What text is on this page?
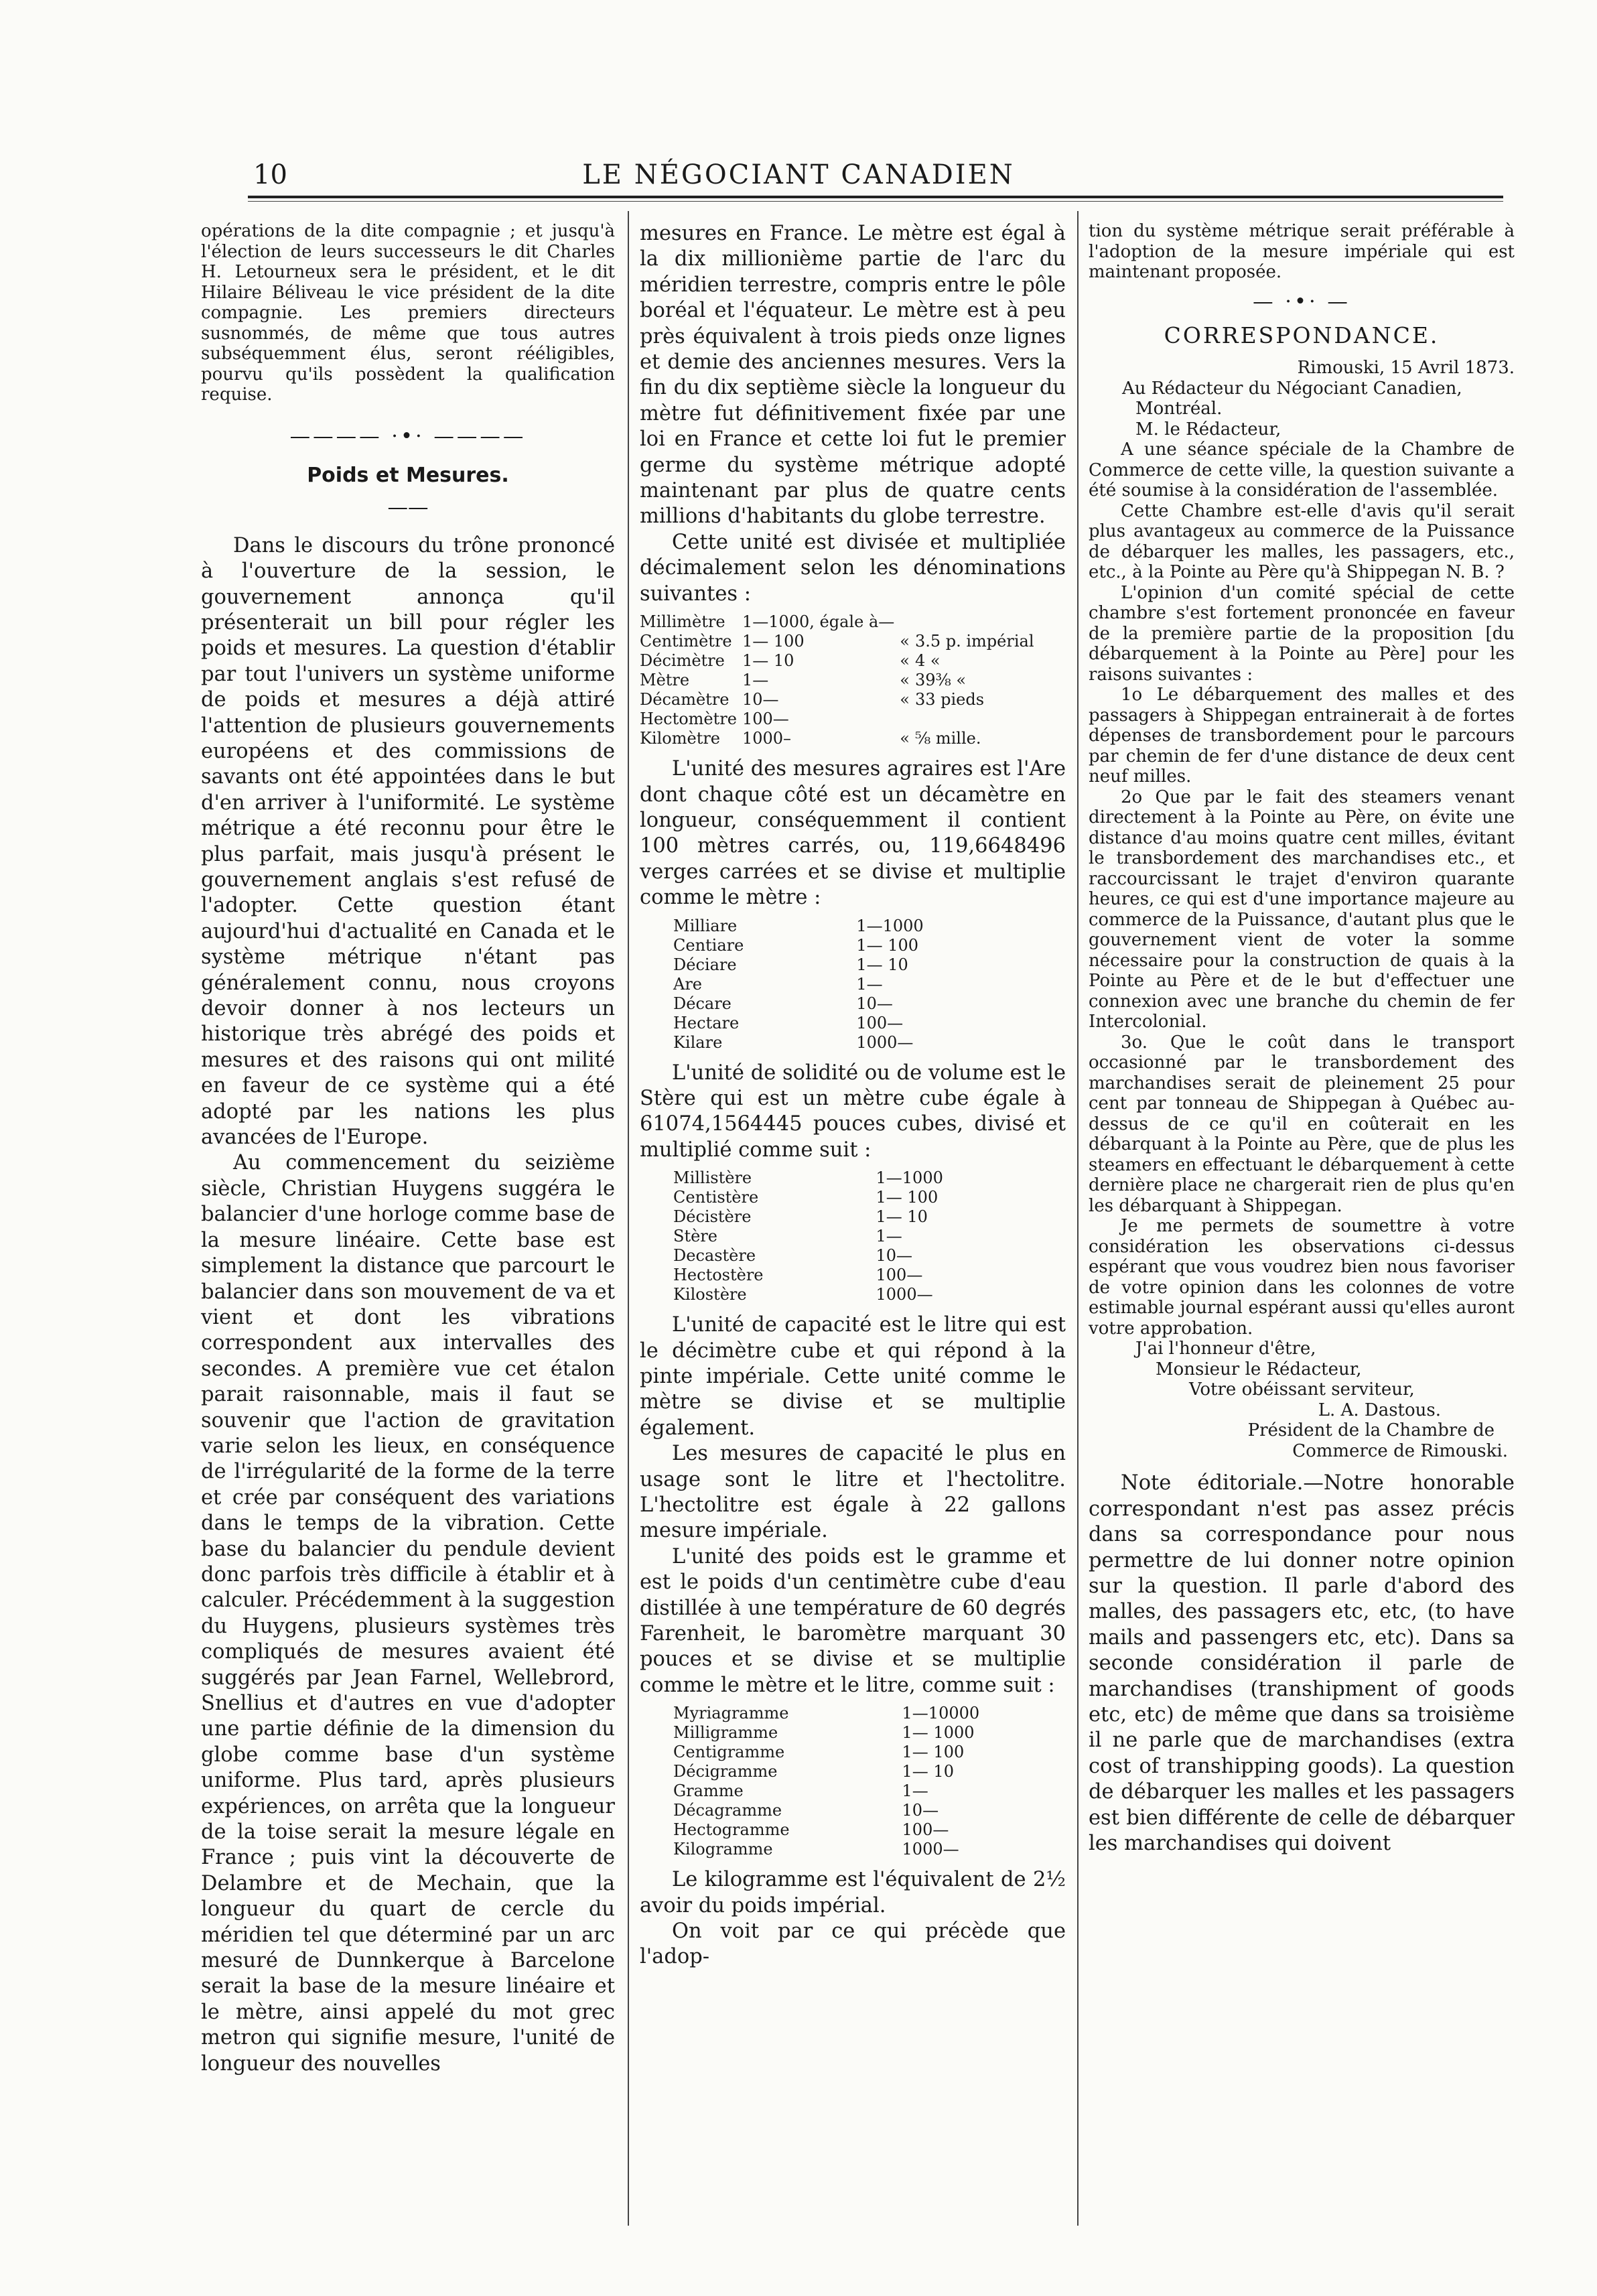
10	LE NÉGOCIANT CANADIEN

opérations de la dite compagnie ; et jusqu'à l'élection de leurs successeurs le dit Charles H. Letourneux sera le président, et le dit Hilaire Béliveau le vice président de la dite compagnie. Les premiers directeurs susnommés, de même que tous autres subséquemment élus, seront rééligibles, pourvu qu'ils possèdent la qualification requise.

———— ·•· ————
Poids et Mesures.
——

Dans le discours du trône prononcé à l'ouverture de la session, le gouvernement annonça qu'il présenterait un bill pour régler les poids et mesures. La question d'établir par tout l'univers un système uniforme de poids et mesures a déjà attiré l'attention de plusieurs gouvernements européens et des commissions de savants ont été appointées dans le but d'en arriver à l'uniformité. Le système métrique a été reconnu pour être le plus parfait, mais jusqu'à présent le gouvernement anglais s'est refusé de l'adopter. Cette question étant aujourd'hui d'actualité en Canada et le système métrique n'étant pas généralement connu, nous croyons devoir donner à nos lecteurs un historique très abrégé des poids et mesures et des raisons qui ont milité en faveur de ce système qui a été adopté par les nations les plus avancées de l'Europe.

Au commencement du seizième siècle, Christian Huygens suggéra le balancier d'une horloge comme base de la mesure linéaire. Cette base est simplement la distance que parcourt le balancier dans son mouvement de va et vient et dont les vibrations correspondent aux intervalles des secondes. A première vue cet étalon parait raisonnable, mais il faut se souvenir que l'action de gravitation varie selon les lieux, en conséquence de l'irrégularité de la forme de la terre et crée par conséquent des variations dans le temps de la vibration. Cette base du balancier du pendule devient donc parfois très difficile à établir et à calculer. Précédemment à la suggestion du Huygens, plusieurs systèmes très compliqués de mesures avaient été suggérés par Jean Farnel, Wellebrord, Snellius et d'autres en vue d'adopter une partie définie de la dimension du globe comme base d'un système uniforme. Plus tard, après plusieurs expériences, on arrêta que la longueur de la toise serait la mesure légale en France ; puis vint la découverte de Delambre et de Mechain, que la longueur du quart de cercle du méridien tel que déterminé par un arc mesuré de Dunnkerque à Barcelone serait la base de la mesure linéaire et le mètre, ainsi appelé du mot grec metron qui signifie mesure, l'unité de longueur des nouvelles

mesures en France. Le mètre est égal à la dix millionième partie de l'arc du méridien terrestre, compris entre le pôle boréal et l'équateur. Le mètre est à peu près équivalent à trois pieds onze lignes et demie des anciennes mesures. Vers la fin du dix septième siècle la longueur du mètre fut définitivement fixée par une loi en France et cette loi fut le premier germe du système métrique adopté maintenant par plus de quatre cents millions d'habitants du globe terrestre.

Cette unité est divisée et multipliée décimalement selon les dénominations suivantes :

Millimètre	1—1000, égale à—		
Centimètre	1— 100	«	3.5 p. impérial
Décimètre	1— 10	«	4 «
Mètre	1—	«	39⅜ «
Décamètre	10—	«	33 pieds
Hectomètre	100—		
Kilomètre	1000–	«	⅝ mille.

L'unité des mesures agraires est l'Are dont chaque côté est un décamètre en longueur, conséquemment il contient 100 mètres carrés, ou, 119,6648496 verges carrées et se divise et multiplie comme le mètre :

Milliare	1—1000
Centiare	1— 100
Déciare	1— 10
Are	1—
Décare	10—
Hectare	100—
Kilare	1000—

L'unité de solidité ou de volume est le Stère qui est un mètre cube égale à 61074,1564445 pouces cubes, divisé et multiplié comme suit :

Millistère	1—1000
Centistère	1— 100
Décistère	1— 10
Stère	1—
Decastère	10—
Hectostère	100—
Kilostère	1000—

L'unité de capacité est le litre qui est le décimètre cube et qui répond à la pinte impériale. Cette unité comme le mètre se divise et se multiplie également.

Les mesures de capacité le plus en usage sont le litre et l'hectolitre. L'hectolitre est égale à 22 gallons mesure impériale.

L'unité des poids est le gramme et est le poids d'un centimètre cube d'eau distillée à une température de 60 degrés Farenheit, le baromètre marquant 30 pouces et se divise et se multiplie comme le mètre et le litre, comme suit :

Myriagramme	1—10000
Milligramme	1— 1000
Centigramme	1— 100
Décigramme	1— 10
Gramme	1—
Décagramme	10—
Hectogramme	100—
Kilogramme	1000—

Le kilogramme est l'équivalent de 2½ avoir du poids impérial.

On voit par ce qui précède que l'adop-

tion du système métrique serait préférable à l'adoption de la mesure impériale qui est maintenant proposée.

— ·•· —
CORRESPONDANCE.

Rimouski, 15 Avril 1873.

Au Rédacteur du Négociant Canadien,

Montréal.

M. le Rédacteur,

A une séance spéciale de la Chambre de Commerce de cette ville, la question suivante a été soumise à la considération de l'assemblée.

Cette Chambre est-elle d'avis qu'il serait plus avantageux au commerce de la Puissance de débarquer les malles, les passagers, etc., etc., à la Pointe au Père qu'à Shippegan N. B. ?

L'opinion d'un comité spécial de cette chambre s'est fortement prononcée en faveur de la première partie de la proposition [du débarquement à la Pointe au Père] pour les raisons suivantes :

1o Le débarquement des malles et des passagers à Shippegan entrainerait à de fortes dépenses de transbordement pour le parcours par chemin de fer d'une distance de deux cent neuf milles.

2o Que par le fait des steamers venant directement à la Pointe au Père, on évite une distance d'au moins quatre cent milles, évitant le transbordement des marchandises etc., et raccourcissant le trajet d'environ quarante heures, ce qui est d'une importance majeure au commerce de la Puissance, d'autant plus que le gouvernement vient de voter la somme nécessaire pour la construction de quais à la Pointe au Père et de le but d'effectuer une connexion avec une branche du chemin de fer Intercolonial.

3o. Que le coût dans le transport occasionné par le transbordement des marchandises serait de pleinement 25 pour cent par tonneau de Shippegan à Québec au-dessus de ce qu'il en coûterait en les débarquant à la Pointe au Père, que de plus les steamers en effectuant le débarquement à cette dernière place ne chargerait rien de plus qu'en les débarquant à Shippegan.

Je me permets de soumettre à votre considération les observations ci-dessus espérant que vous voudrez bien nous favoriser de votre opinion dans les colonnes de votre estimable journal espérant aussi qu'elles auront votre approbation.

J'ai l'honneur d'être,

Monsieur le Rédacteur,

Votre obéissant serviteur,

L. A. Dastous.

Président de la Chambre de

Commerce de Rimouski.

Note éditoriale.—Notre honorable correspondant n'est pas assez précis dans sa correspondance pour nous permettre de lui donner notre opinion sur la question. Il parle d'abord des malles, des passagers etc, etc, (to have mails and passengers etc, etc). Dans sa seconde considération il parle de marchandises (transhipment of goods etc, etc) de même que dans sa troisième il ne parle que de marchandises (extra cost of transhipping goods). La question de débarquer les malles et les passagers est bien différente de celle de débarquer les marchandises qui doivent
